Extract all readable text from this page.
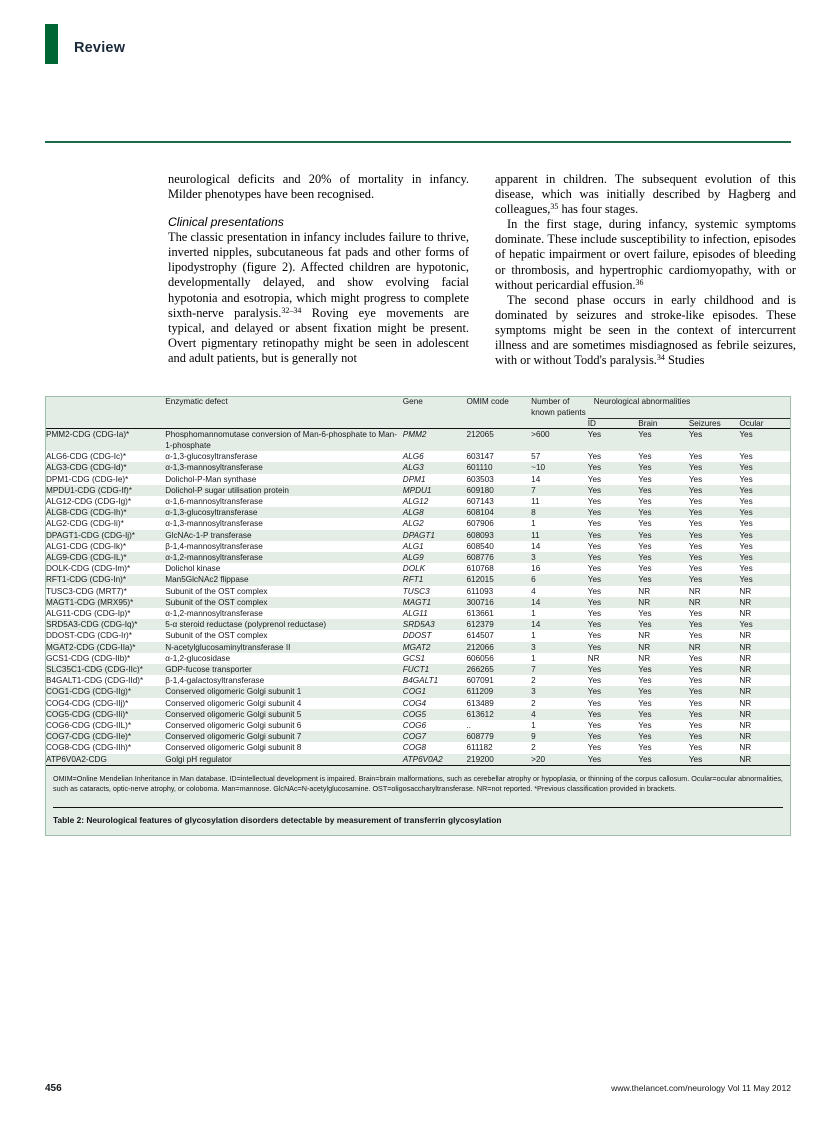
Review

neurological deficits and 20% of mortality in infancy. Milder phenotypes have been recognised.

Clinical presentations

The classic presentation in infancy includes failure to thrive, inverted nipples, subcutaneous fat pads and other forms of lipodystrophy (figure 2). Affected children are hypotonic, developmentally delayed, and show evolving facial hypotonia and esotropia, which might progress to complete sixth-nerve paralysis.$^{32-34}$ Roving eye movements are typical, and delayed or absent fixation might be present. Overt pigmentary retinopathy might be seen in adolescent and adult patients, but is generally not

apparent in children. The subsequent evolution of this disease, which was initially described by Hagberg and colleagues,$^{35}$ has four stages.

In the first stage, during infancy, systemic symptoms dominate. These include susceptibility to infection, episodes of hepatic impairment or overt failure, episodes of bleeding or thrombosis, and hypertrophic cardiomyopathy, with or without pericardial effusion.$^{36}$

The second phase occurs in early childhood and is dominated by seizures and stroke-like episodes. These symptoms might be seen in the context of intercurrent illness and are sometimes misdiagnosed as febrile seizures, with or without Todd's paralysis.$^{34}$ Studies

	Enzymatic defect	Gene	OMIM code	Number of known patients	Neurological abnormalities			
					ID	Brain	Seizures	Ocular

PMM2-CDG (CDG-Ia)*	Phosphomannomutase conversion of Man-6-phosphate to Man-1-phosphate	PMM2	212065	>600	Yes	Yes	Yes	Yes
ALG6-CDG (CDG-Ic)*	α-1,3-glucosyltransferase	ALG6	603147	57	Yes	Yes	Yes	Yes
ALG3-CDG (CDG-Id)*	α-1,3-mannosyltransferase	ALG3	601110	~10	Yes	Yes	Yes	Yes
DPM1-CDG (CDG-Ie)*	Dolichol-P-Man synthase	DPM1	603503	14	Yes	Yes	Yes	Yes
MPDU1-CDG (CDG-If)*	Dolichol-P sugar utilisation protein	MPDU1	609180	7	Yes	Yes	Yes	Yes
ALG12-CDG (CDG-Ig)*	α-1,6-mannosyltransferase	ALG12	607143	11	Yes	Yes	Yes	Yes
ALG8-CDG (CDG-Ih)*	α-1,3-glucosyltransferase	ALG8	608104	8	Yes	Yes	Yes	Yes
ALG2-CDG (CDG-Ii)*	α-1,3-mannosyltransferase	ALG2	607906	1	Yes	Yes	Yes	Yes
DPAGT1-CDG (CDG-Ij)*	GlcNAc-1-P transferase	DPAGT1	608093	11	Yes	Yes	Yes	Yes
ALG1-CDG (CDG-Ik)*	β-1,4-mannosyltransferase	ALG1	608540	14	Yes	Yes	Yes	Yes
ALG9-CDG (CDG-IL)*	α-1,2-mannosyltransferase	ALG9	608776	3	Yes	Yes	Yes	Yes
DOLK-CDG (CDG-Im)*	Dolichol kinase	DOLK	610768	16	Yes	Yes	Yes	Yes
RFT1-CDG (CDG-In)*	Man5GlcNAc2 flippase	RFT1	612015	6	Yes	Yes	Yes	Yes
TUSC3-CDG (MRT7)*	Subunit of the OST complex	TUSC3	611093	4	Yes	NR	NR	NR
MAGT1-CDG (MRX95)*	Subunit of the OST complex	MAGT1	300716	14	Yes	NR	NR	NR
ALG11-CDG (CDG-Ip)*	α-1,2-mannosyltransferase	ALG11	613661	1	Yes	Yes	Yes	NR
SRD5A3-CDG (CDG-Iq)*	5-α steroid reductase (polyprenol reductase)	SRD5A3	612379	14	Yes	Yes	Yes	Yes
DDOST-CDG (CDG-Ir)*	Subunit of the OST complex	DDOST	614507	1	Yes	NR	Yes	NR
MGAT2-CDG (CDG-IIa)*	N-acetylglucosaminyltransferase II	MGAT2	212066	3	Yes	NR	NR	NR
GCS1-CDG (CDG-IIb)*	α-1,2-glucosidase	GCS1	606056	1	NR	NR	Yes	NR
SLC35C1-CDG (CDG-IIc)*	GDP-fucose transporter	FUCT1	266265	7	Yes	Yes	Yes	NR
B4GALT1-CDG (CDG-IId)*	β-1,4-galactosyltransferase	B4GALT1	607091	2	Yes	Yes	Yes	NR
COG1-CDG (CDG-IIg)*	Conserved oligomeric Golgi subunit 1	COG1	611209	3	Yes	Yes	Yes	NR
COG4-CDG (CDG-IIj)*	Conserved oligomeric Golgi subunit 4	COG4	613489	2	Yes	Yes	Yes	NR
COG5-CDG (CDG-IIi)*	Conserved oligomeric Golgi subunit 5	COG5	613612	4	Yes	Yes	Yes	NR
COG6-CDG (CDG-IIL)*	Conserved oligomeric Golgi subunit 6	COG6	..	1	Yes	Yes	Yes	NR
COG7-CDG (CDG-IIe)*	Conserved oligomeric Golgi subunit 7	COG7	608779	9	Yes	Yes	Yes	NR
COG8-CDG (CDG-IIh)*	Conserved oligomeric Golgi subunit 8	COG8	611182	2	Yes	Yes	Yes	NR
ATP6V0A2-CDG	Golgi pH regulator	ATP6V0A2	219200	>20	Yes	Yes	Yes	NR

OMIM=Online Mendelian Inheritance in Man database. ID=intellectual development is impaired. Brain=brain malformations, such as cerebellar atrophy or hypoplasia, or thinning of the corpus callosum. Ocular=ocular abnormalities, such as cataracts, optic-nerve atrophy, or coloboma. Man=mannose. GlcNAc=N-acetylglucosamine. OST=oligosaccharyltransferase. NR=not reported. *Previous classification provided in brackets.								
Table 2: Neurological features of glycosylation disorders detectable by measurement of transferrin glycosylation
456	www.thelancet.com/neurology Vol 11 May 2012
